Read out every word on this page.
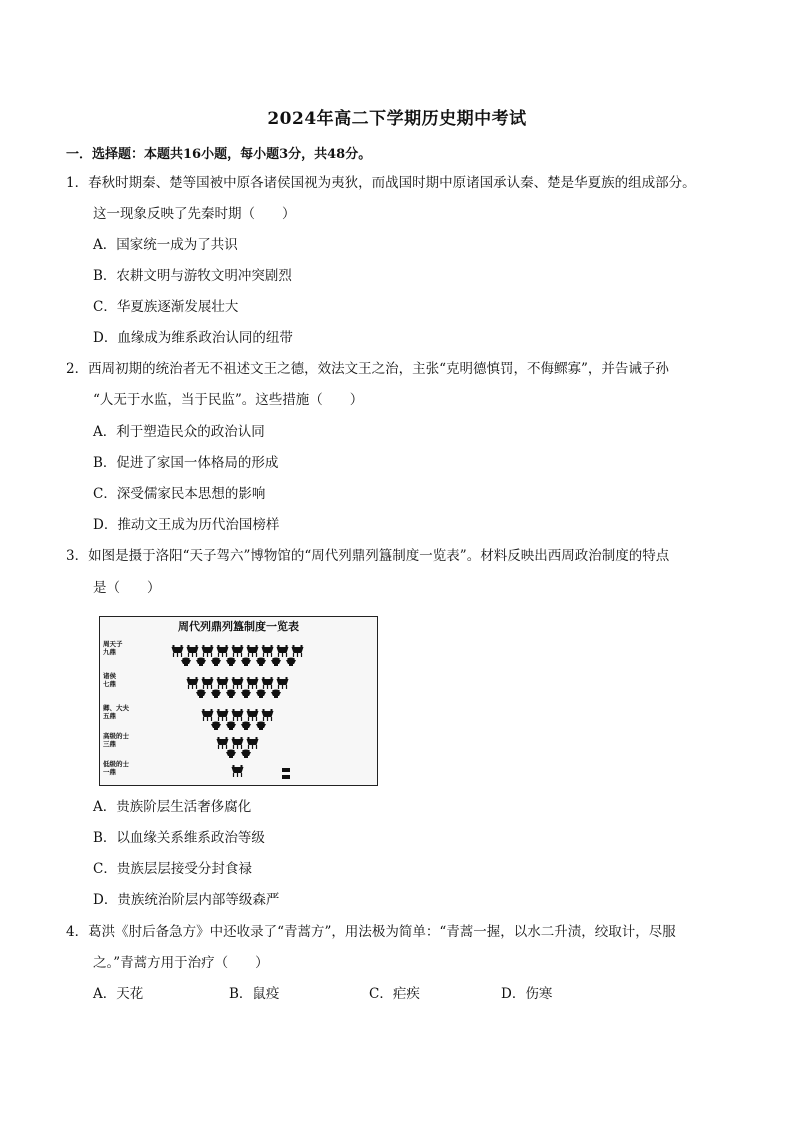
2024年高二下学期历史期中考试
一．选择题：本题共16小题，每小题3分，共48分。
1．春秋时期秦、楚等国被中原各诸侯国视为夷狄，而战国时期中原诸国承认秦、楚是华夏族的组成部分。
这一现象反映了先秦时期（　　）
A．国家统一成为了共识
B．农耕文明与游牧文明冲突剧烈
C．华夏族逐渐发展壮大
D．血缘成为维系政治认同的纽带
2．西周初期的统治者无不祖述文王之德，效法文王之治，主张“克明德慎罚，不侮鳏寡”，并告诫子孙
“人无于水监，当于民监”。这些措施（　　）
A．利于塑造民众的政治认同
B．促进了家国一体格局的形成
C．深受儒家民本思想的影响
D．推动文王成为历代治国榜样
3．如图是摄于洛阳“天子驾六”博物馆的“周代列鼎列簋制度一览表”。材料反映出西周政治制度的特点
是（　　）
周代列鼎列簋制度一览表
周天子
九鼎
诸侯
七鼎
卿、大夫
五鼎
高级的士
三鼎
低级的士
一鼎
A．贵族阶层生活奢侈腐化
B．以血缘关系维系政治等级
C．贵族层层接受分封食禄
D．贵族统治阶层内部等级森严
4．葛洪《肘后备急方》中还收录了“青蒿方”，用法极为简单：“青蒿一握，以水二升渍，绞取计，尽服
之。”青蒿方用于治疗（　　）
A．天花	B．鼠疫	C．疟疾	D．伤寒
